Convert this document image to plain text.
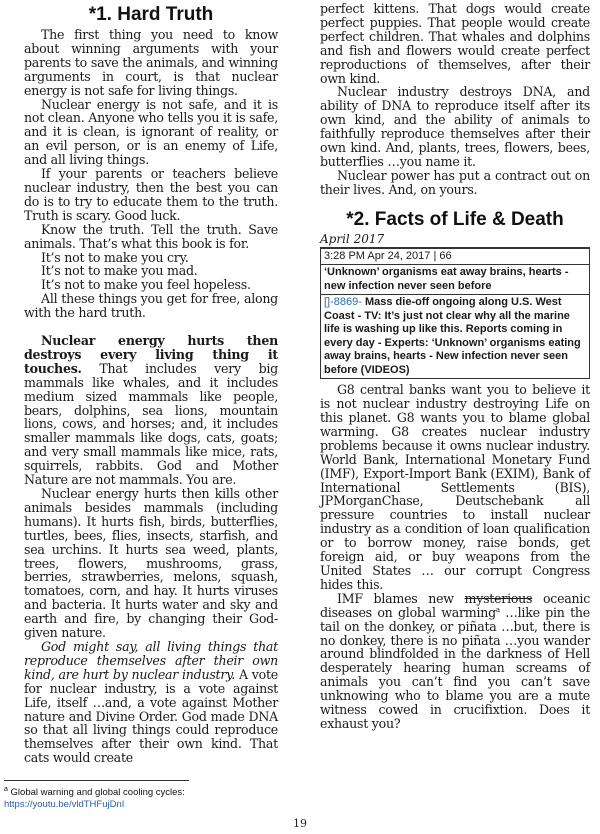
*1. Hard Truth

The first thing you need to know about winning arguments with your parents to save the animals, and winning arguments in court, is that nuclear energy is not safe for living things.

Nuclear energy is not safe, and it is not clean. Anyone who tells you it is safe, and it is clean, is ignorant of reality, or an evil person, or is an enemy of Life, and all living things.

If your parents or teachers believe nuclear industry, then the best you can do is to try to educate them to the truth. Truth is scary. Good luck.

Know the truth. Tell the truth. Save animals. That’s what this book is for.

It’s not to make you cry.

It’s not to make you mad.

It’s not to make you feel hopeless.

All these things you get for free, along with the hard truth.

Nuclear energy hurts then destroys every living thing it touches. That includes very big mammals like whales, and it includes medium sized mammals like people, bears, dolphins, sea lions, mountain lions, cows, and horses; and, it includes smaller mammals like dogs, cats, goats; and very small mammals like mice, rats, squirrels, rabbits. God and Mother Nature are not mammals. You are.

Nuclear energy hurts then kills other animals besides mammals (including humans). It hurts fish, birds, butterflies, turtles, bees, flies, insects, starfish, and sea urchins. It hurts sea weed, plants, trees, flowers, mushrooms, grass, berries, strawberries, melons, squash, tomatoes, corn, and hay. It hurts viruses and bacteria. It hurts water and sky and earth and fire, by changing their God-given nature.

God might say, all living things that reproduce themselves after their own kind, are hurt by nuclear industry. A vote for nuclear industry, is a vote against Life, itself …and, a vote against Mother nature and Divine Order. God made DNA so that all living things could reproduce themselves after their own kind. That cats would create

perfect kittens. That dogs would create perfect puppies. That people would create perfect children. That whales and dolphins and fish and flowers would create perfect reproductions of themselves, after their own kind.

Nuclear industry destroys DNA, and ability of DNA to reproduce itself after its own kind, and the ability of animals to faithfully reproduce themselves after their own kind. And, plants, trees, flowers, bees, butterflies …you name it.

Nuclear power has put a contract out on their lives. And, on yours.

*2. Facts of Life & Death
April 2017
3:28 PM Apr 24, 2017 | 66
‘Unknown’ organisms eat away brains, hearts - new infection never seen before
[]-8869- Mass die-off ongoing along U.S. West Coast - TV: It’s just not clear why all the marine life is washing up like this. Reports coming in every day - Experts: ‘Unknown’ organisms eating away brains, hearts - New infection never seen before (VIDEOS)

G8 central banks want you to believe it is not nuclear industry destroying Life on this planet. G8 wants you to blame global warming. G8 creates nuclear industry problems because it owns nuclear industry. World Bank, International Monetary Fund (IMF), Export-Import Bank (EXIM), Bank of International Settlements (BIS), JPMorganChase, Deutschebank all pressure countries to install nuclear industry as a condition of loan qualification or to borrow money, raise bonds, get foreign aid, or buy weapons from the United States … our corrupt Congress hides this.

IMF blames new mysterious oceanic diseases on global warming$^a$ …like pin the tail on the donkey, or piñata …but, there is no donkey, there is no piñata …you wander around blindfolded in the darkness of Hell desperately hearing human screams of animals you can’t find you can’t save unknowing who to blame you are a mute witness cowed in crucifixtion. Does it exhaust you?

$^a$ Global warning and global cooling cycles:
https://youtu.be/vldTHFujDnI
19
